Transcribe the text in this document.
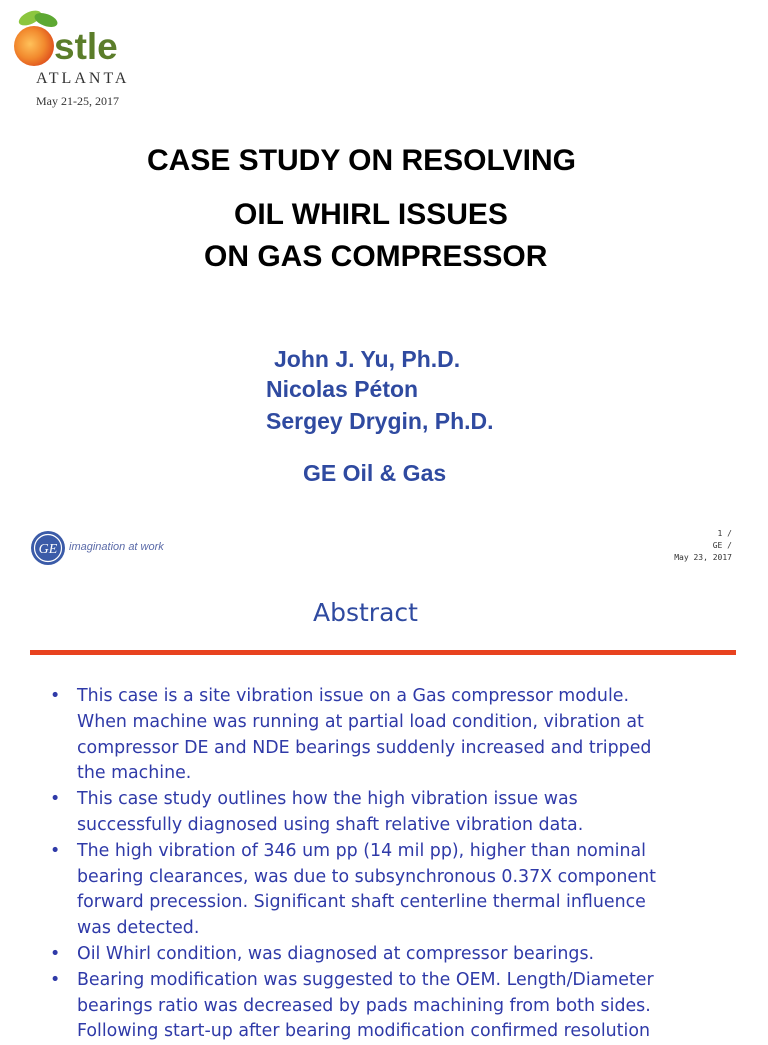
stle
ATLANTA
May 21-25, 2017
CASE STUDY ON RESOLVING
OIL WHIRL ISSUES
ON GAS COMPRESSOR
John J. Yu, Ph.D.
Nicolas Péton
Sergey Drygin, Ph.D.
GE Oil & Gas
GE imagination at work
1 /
GE /
May 23, 2017
Abstract
• This case is a site vibration issue on a Gas compressor module.
When machine was running at partial load condition, vibration at
compressor DE and NDE bearings suddenly increased and tripped
the machine.
• This case study outlines how the high vibration issue was
successfully diagnosed using shaft relative vibration data.
• The high vibration of 346 um pp (14 mil pp), higher than nominal
bearing clearances, was due to subsynchronous 0.37X component
forward precession. Significant shaft centerline thermal influence
was detected.
• Oil Whirl condition, was diagnosed at compressor bearings.
• Bearing modification was suggested to the OEM. Length/Diameter
bearings ratio was decreased by pads machining from both sides.
Following start-up after bearing modification confirmed resolution
